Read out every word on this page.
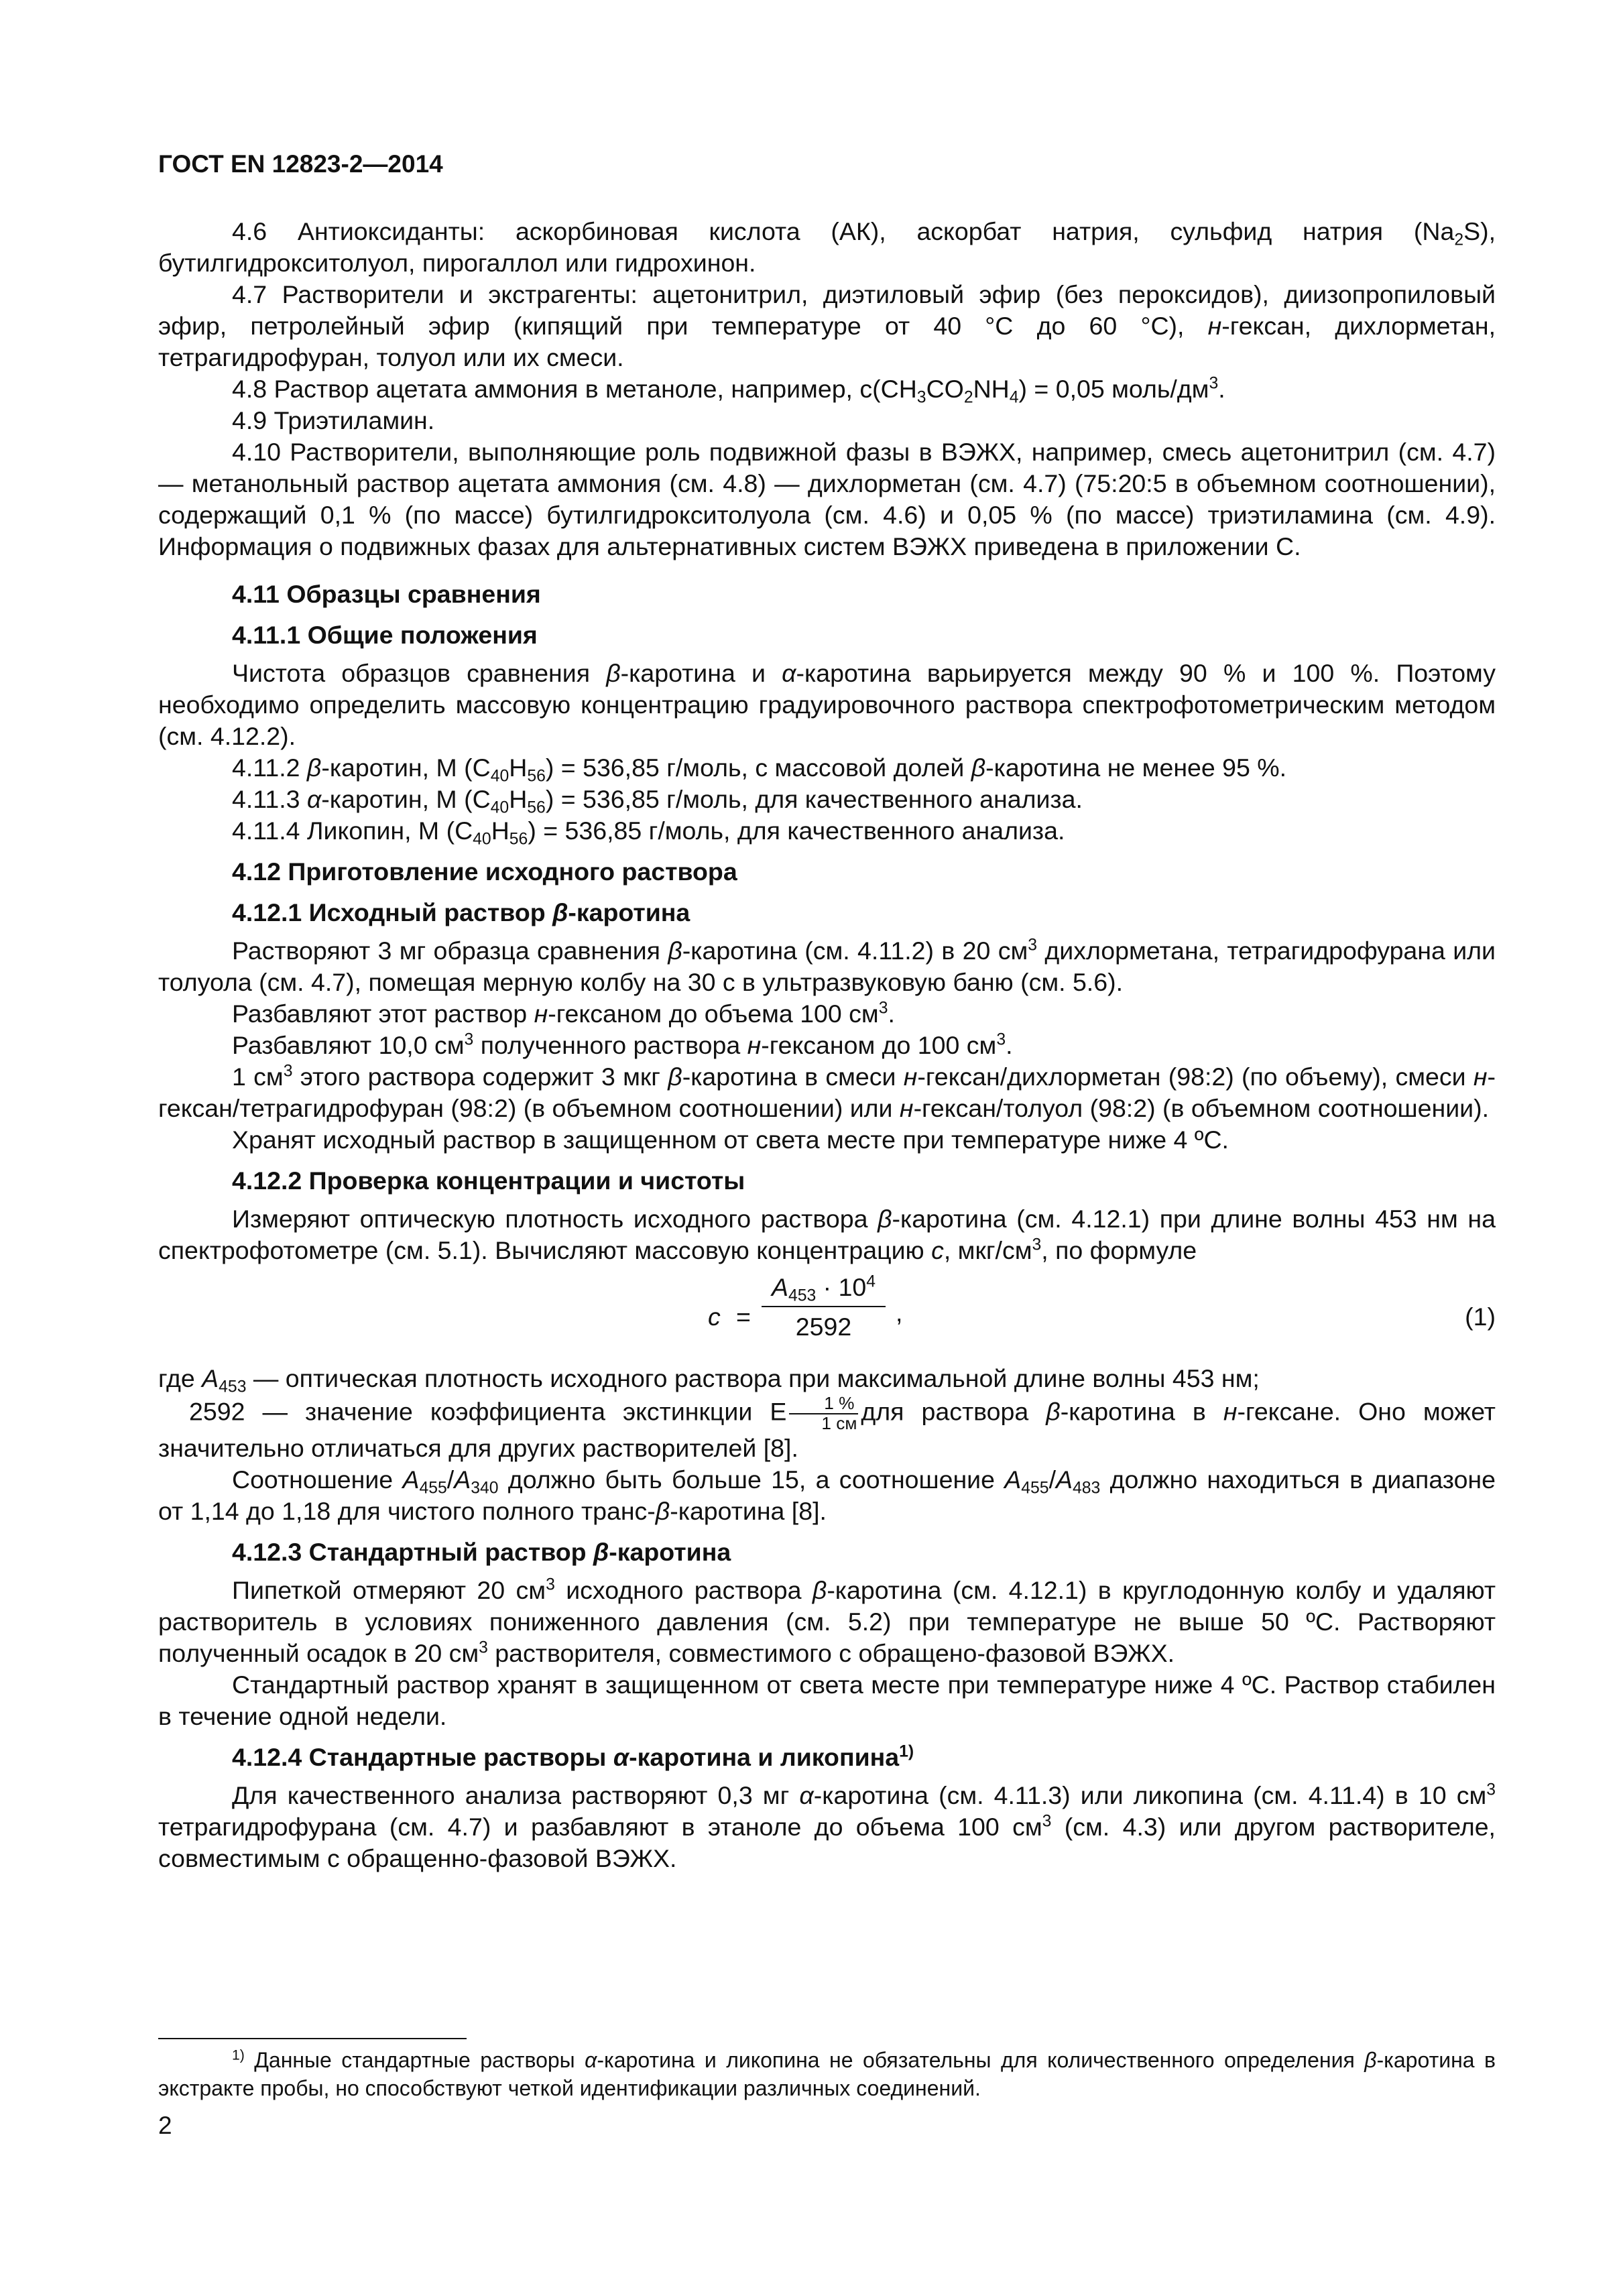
ГОСТ EN 12823-2—2014

4.6 Антиоксиданты: аскорбиновая кислота (АК), аскорбат натрия, сульфид натрия $(Na_2S)$, бутилгидрокситолуол, пирогаллол или гидрохинон.

4.7 Растворители и экстрагенты: ацетонитрил, диэтиловый эфир (без пероксидов), диизопропиловый эфир, петролейный эфир (кипящий при температуре от 40 °С до 60 °С), н-гексан, дихлорметан, тетрагидрофуран, толуол или их смеси.

4.8 Раствор ацетата аммония в метаноле, например, $с(CH_3CO_2NH_4) = 0,05$ моль/$дм^3$.

4.9 Триэтиламин.

4.10 Растворители, выполняющие роль подвижной фазы в ВЭЖХ, например, смесь ацетонитрил (см. 4.7) — метанольный раствор ацетата аммония (см. 4.8) — дихлорметан (см. 4.7) (75:20:5 в объемном соотношении), содержащий 0,1 % (по массе) бутилгидрокситолуола (см. 4.6) и 0,05 % (по массе) триэтиламина (см. 4.9). Информация о подвижных фазах для альтернативных систем ВЭЖХ приведена в приложении С.

4.11 Образцы сравнения

4.11.1 Общие положения

Чистота образцов сравнения β-каротина и α-каротина варьируется между 90 % и 100 %. Поэтому необходимо определить массовую концентрацию градуировочного раствора спектрофотометрическим методом (см. 4.12.2).

4.11.2 β-каротин, М $(С_{40}Н_{56}) = 536,85$ г/моль, с массовой долей β-каротина не менее 95 %.

4.11.3 α-каротин, М $(С_{40}Н_{56}) = 536,85$ г/моль, для качественного анализа.

4.11.4 Ликопин, М $(С_{40}Н_{56}) = 536,85$ г/моль, для качественного анализа.

4.12 Приготовление исходного раствора

4.12.1 Исходный раствор β-каротина

Растворяют 3 мг образца сравнения β-каротина (см. 4.11.2) в 20 $см^3$ дихлорметана, тетрагидрофурана или толуола (см. 4.7), помещая мерную колбу на 30 с в ультразвуковую баню (см. 5.6).

Разбавляют этот раствор н-гексаном до объема 100 $см^3$.

Разбавляют 10,0 $см^3$ полученного раствора н-гексаном до 100 $см^3$.

1 $см^3$ этого раствора содержит 3 мкг β-каротина в смеси н-гексан/дихлорметан (98:2) (по объему), смеси н-гексан/тетрагидрофуран (98:2) (в объемном соотношении) или н-гексан/толуол (98:2) (в объемном соотношении).

Хранят исходный раствор в защищенном от света месте при температуре ниже 4 ºС.

4.12.2 Проверка концентрации и чистоты

Измеряют оптическую плотность исходного раствора β-каротина (см. 4.12.1) при длине волны 453 нм на спектрофотометре (см. 5.1). Вычисляют массовую концентрацию с, мкг/$см^3$, по формуле

$с = \frac{A_{453} \cdot 10^4}{2592}$ ,	(1)

где $A_{453}$ — оптическая плотность исходного раствора при максимальной длине волны 453 нм;

2592 — значение коэффициента экстинкции E $\frac{1 \%}{1 см}$ для раствора β-каротина в н-гексане. Оно может значительно отличаться для других растворителей [8].

Соотношение $A_{455}/A_{340}$ должно быть больше 15, а соотношение $A_{455}/A_{483}$ должно находиться в диапазоне от 1,14 до 1,18 для чистого полного транс-β-каротина [8].

4.12.3 Стандартный раствор β-каротина

Пипеткой отмеряют 20 $см^3$ исходного раствора β-каротина (см. 4.12.1) в круглодонную колбу и удаляют растворитель в условиях пониженного давления (см. 5.2) при температуре не выше 50 ºС. Растворяют полученный осадок в 20 $см^3$ растворителя, совместимого с обращено-фазовой ВЭЖХ.

Стандартный раствор хранят в защищенном от света месте при температуре ниже 4 ºС. Раствор стабилен в течение одной недели.

4.12.4 Стандартные растворы α-каротина и ликопина$^{1)}$

Для качественного анализа растворяют 0,3 мг α-каротина (см. 4.11.3) или ликопина (см. 4.11.4) в 10 $см^3$ тетрагидрофурана (см. 4.7) и разбавляют в этаноле до объема 100 $см^3$ (см. 4.3) или другом растворителе, совместимым с обращенно-фазовой ВЭЖХ.

$^{1)}$ Данные стандартные растворы α-каротина и ликопина не обязательны для количественного определения β-каротина в экстракте пробы, но способствуют четкой идентификации различных соединений.

2
